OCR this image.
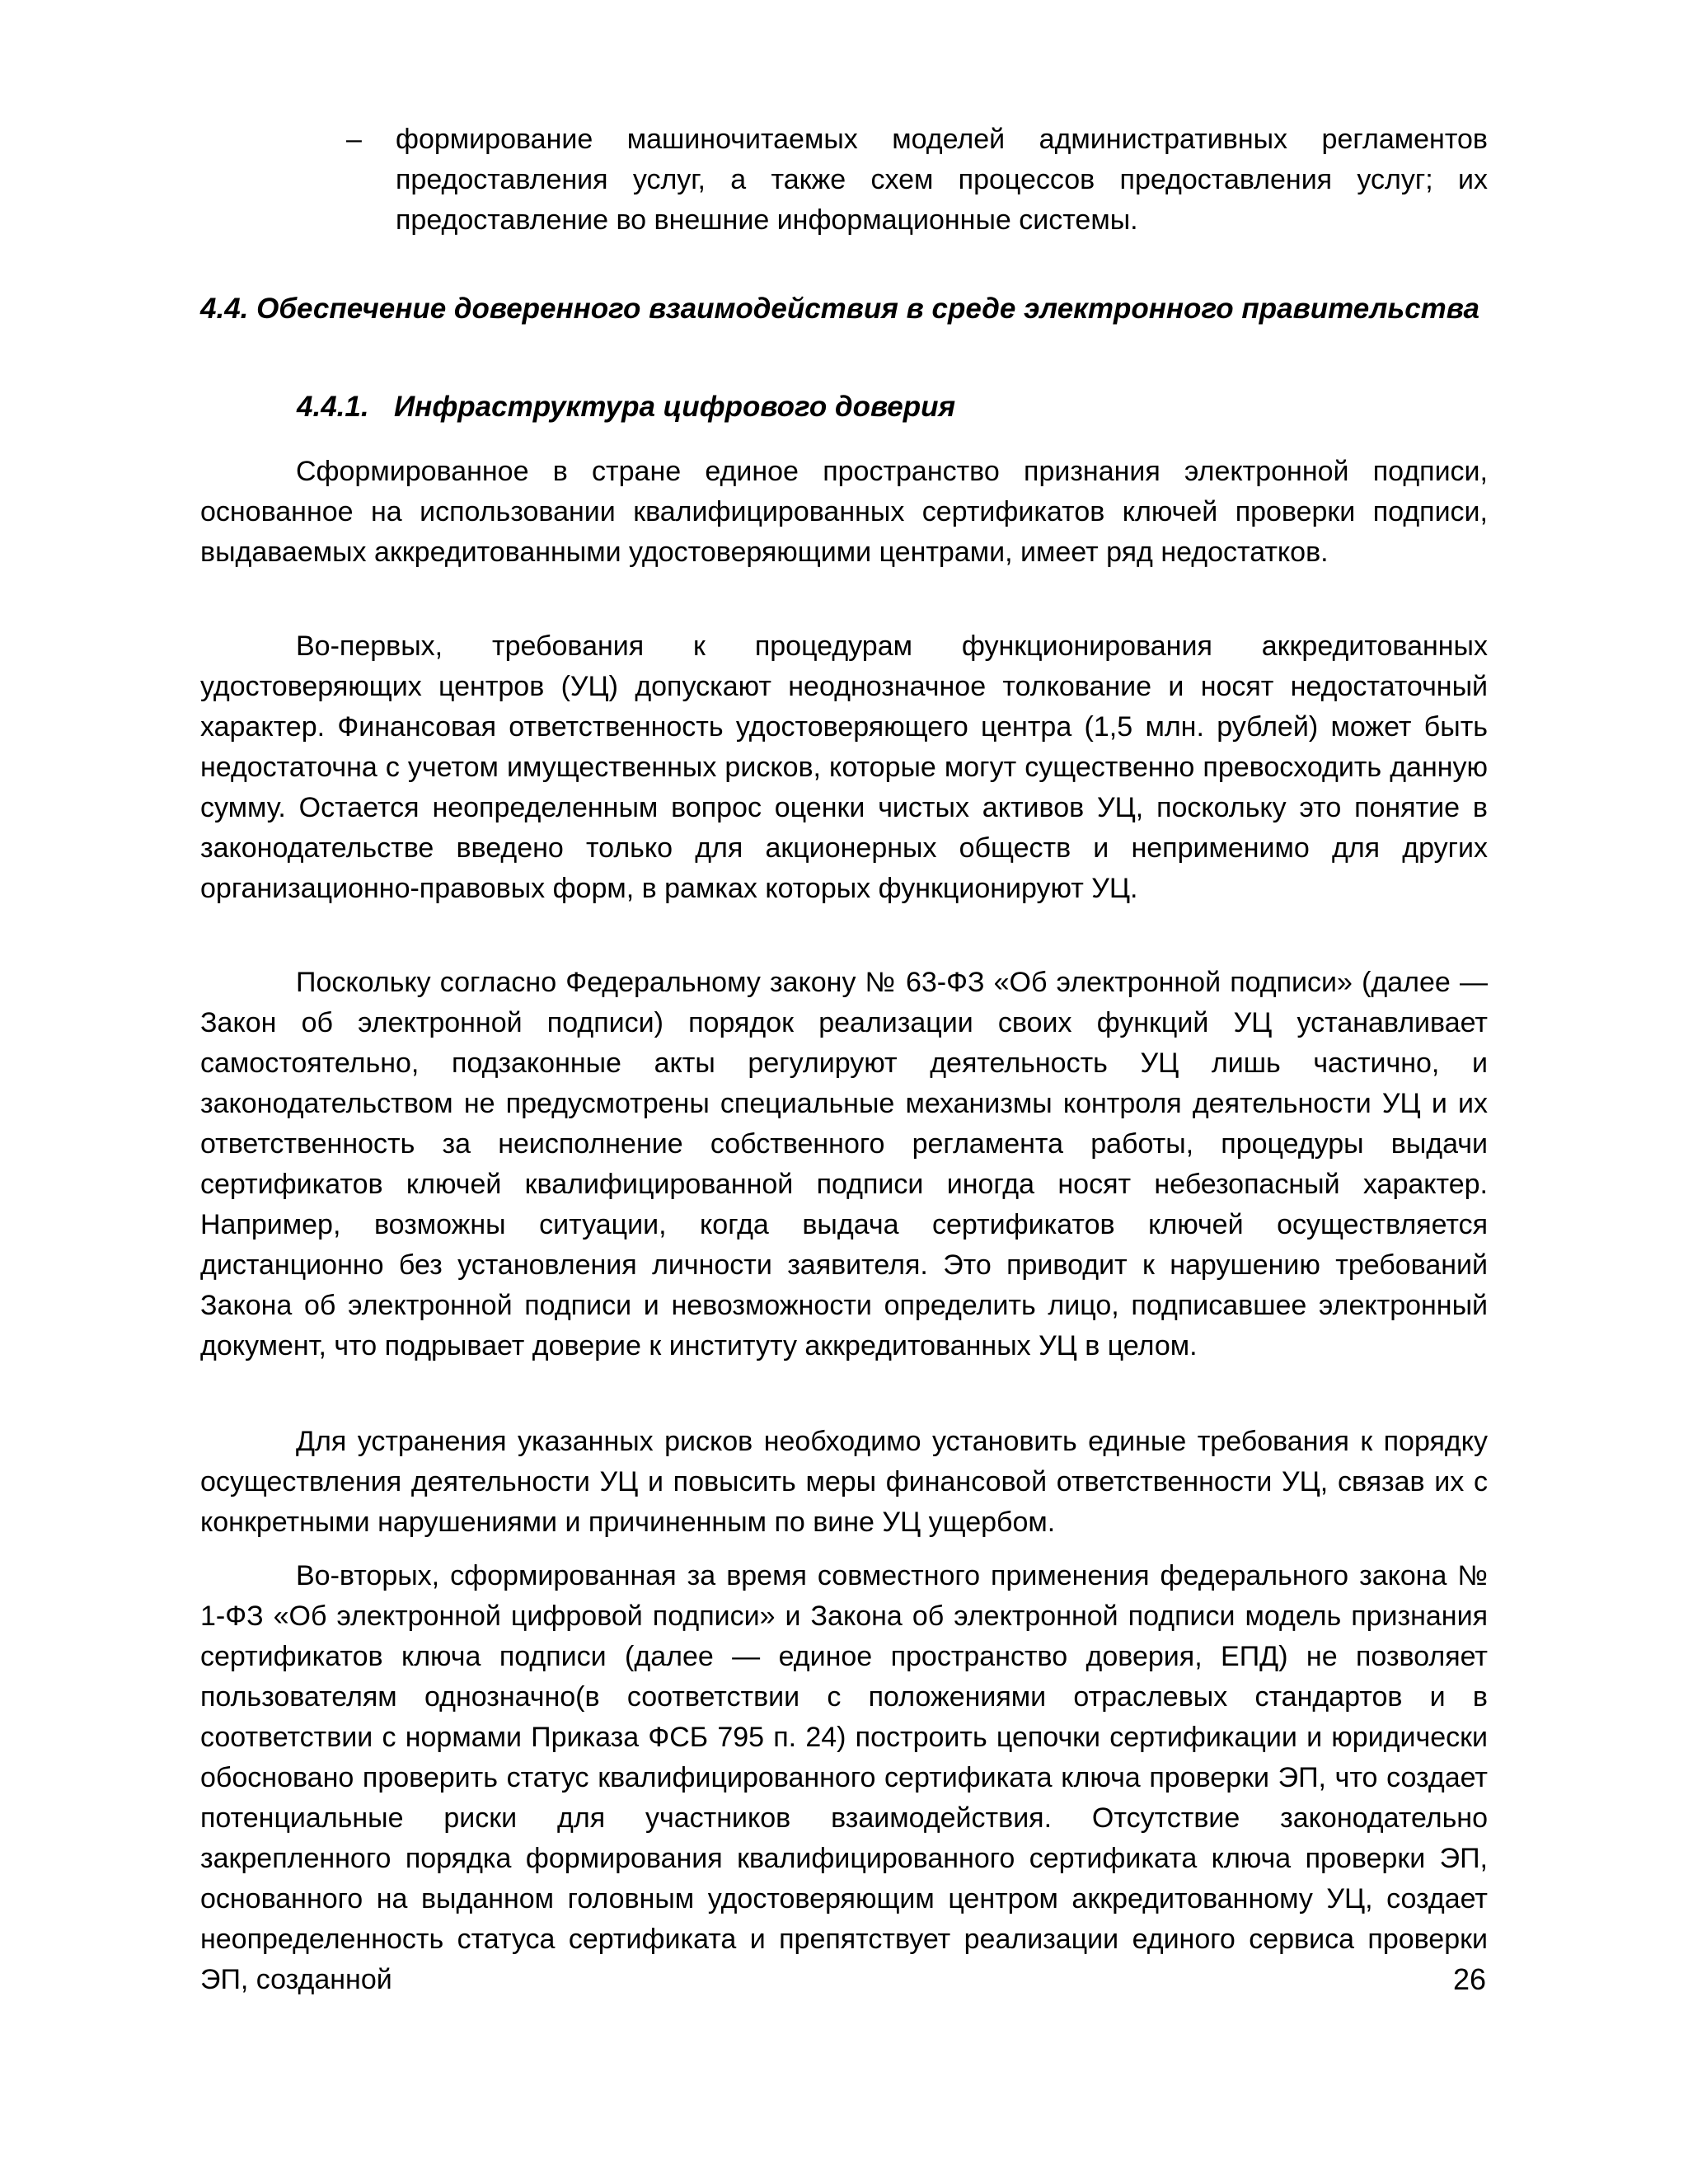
– формирование машиночитаемых моделей административных регламентов предоставления услуг, а также схем процессов предоставления услуг; их предоставление во внешние информационные системы.
4.4. Обеспечение доверенного взаимодействия в среде электронного правительства
4.4.1. Инфраструктура цифрового доверия

Сформированное в стране единое пространство признания электронной подписи, основанное на использовании квалифицированных сертификатов ключей проверки подписи, выдаваемых аккредитованными удостоверяющими центрами, имеет ряд недостатков.

Во-первых, требования к процедурам функционирования аккредитованных удостоверяющих центров (УЦ) допускают неоднозначное толкование и носят недостаточный характер. Финансовая ответственность удостоверяющего центра (1,5 млн. рублей) может быть недостаточна с учетом имущественных рисков, которые могут существенно превосходить данную сумму. Остается неопределенным вопрос оценки чистых активов УЦ, поскольку это понятие в законодательстве введено только для акционерных обществ и неприменимо для других организационно-правовых форм, в рамках которых функционируют УЦ.

Поскольку согласно Федеральному закону № 63-ФЗ «Об электронной подписи» (далее — Закон об электронной подписи) порядок реализации своих функций УЦ устанавливает самостоятельно, подзаконные акты регулируют деятельность УЦ лишь частично, и законодательством не предусмотрены специальные механизмы контроля деятельности УЦ и их ответственность за неисполнение собственного регламента работы, процедуры выдачи сертификатов ключей квалифицированной подписи иногда носят небезопасный характер. Например, возможны ситуации, когда выдача сертификатов ключей осуществляется дистанционно без установления личности заявителя. Это приводит к нарушению требований Закона об электронной подписи и невозможности определить лицо, подписавшее электронный документ, что подрывает доверие к институту аккредитованных УЦ в целом.

Для устранения указанных рисков необходимо установить единые требования к порядку осуществления деятельности УЦ и повысить меры финансовой ответственности УЦ, связав их с конкретными нарушениями и причиненным по вине УЦ ущербом.

Во-вторых, сформированная за время совместного применения федерального закона № 1-ФЗ «Об электронной цифровой подписи» и Закона об электронной подписи модель признания сертификатов ключа подписи (далее — единое пространство доверия, ЕПД) не позволяет пользователям однозначно(в соответствии с положениями отраслевых стандартов и в соответствии с нормами Приказа ФСБ 795 п. 24) построить цепочки сертификации и юридически обосновано проверить статус квалифицированного сертификата ключа проверки ЭП, что создает потенциальные риски для участников взаимодействия. Отсутствие законодательно закрепленного порядка формирования квалифицированного сертификата ключа проверки ЭП, основанного на выданном головным удостоверяющим центром аккредитованному УЦ, создает неопределенность статуса сертификата и препятствует реализации единого сервиса проверки ЭП, созданной	26
